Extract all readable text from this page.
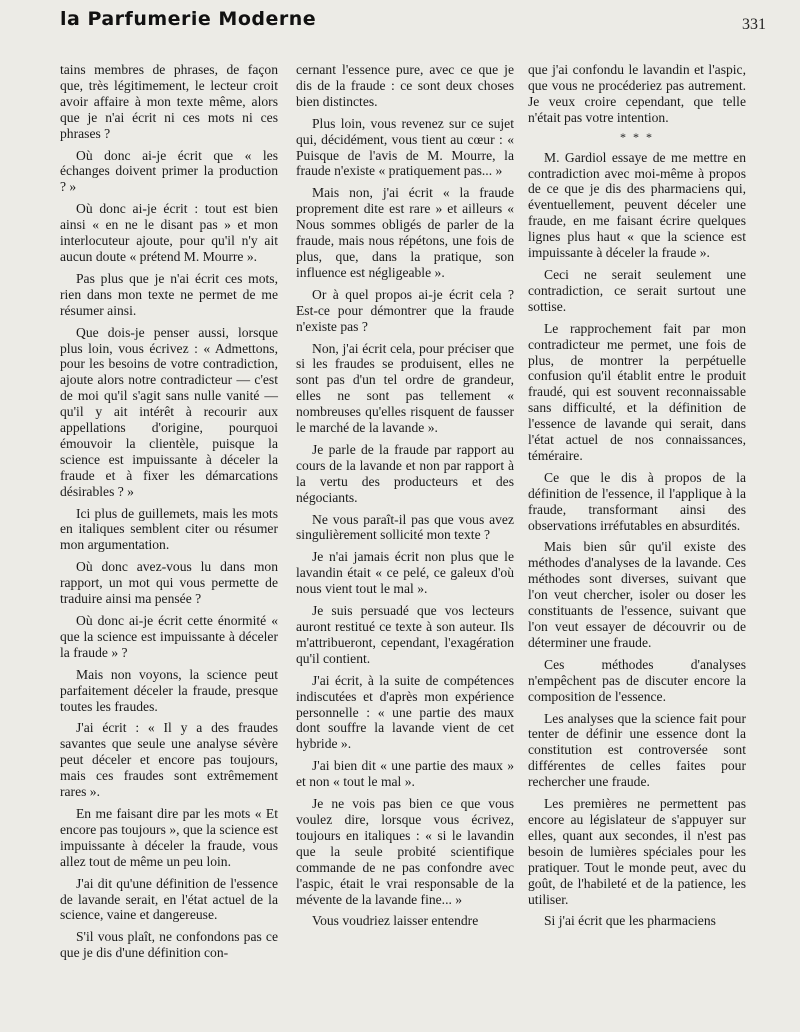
la Parfumerie Moderne	331

tains membres de phrases, de façon que, très légitimement, le lecteur croit avoir affaire à mon texte même, alors que je n'ai écrit ni ces mots ni ces phrases ?

Où donc ai-je écrit que « les échanges doivent primer la production ? »

Où donc ai-je écrit : tout est bien ainsi « en ne le disant pas » et mon interlocuteur ajoute, pour qu'il n'y ait aucun doute « prétend M. Mourre ».

Pas plus que je n'ai écrit ces mots, rien dans mon texte ne permet de me résumer ainsi.

Que dois-je penser aussi, lorsque plus loin, vous écrivez : « Admettons, pour les besoins de votre contradiction, ajoute alors notre contradicteur — c'est de moi qu'il s'agit sans nulle vanité — qu'il y ait intérêt à recourir aux appellations d'origine, pourquoi émouvoir la clientèle, puisque la science est impuissante à déceler la fraude et à fixer les démarcations désirables ? »

Ici plus de guillemets, mais les mots en italiques semblent citer ou résumer mon argumentation.

Où donc avez-vous lu dans mon rapport, un mot qui vous permette de traduire ainsi ma pensée ?

Où donc ai-je écrit cette énormité « que la science est impuissante à déceler la fraude » ?

Mais non voyons, la science peut parfaitement déceler la fraude, presque toutes les fraudes.

J'ai écrit : « Il y a des fraudes savantes que seule une analyse sévère peut déceler et encore pas toujours, mais ces fraudes sont extrêmement rares ».

En me faisant dire par les mots « Et encore pas toujours », que la science est impuissante à déceler la fraude, vous allez tout de même un peu loin.

J'ai dit qu'une définition de l'essence de lavande serait, en l'état actuel de la science, vaine et dangereuse.

S'il vous plaît, ne confondons pas ce que je dis d'une définition con-

cernant l'essence pure, avec ce que je dis de la fraude : ce sont deux choses bien distinctes.

Plus loin, vous revenez sur ce sujet qui, décidément, vous tient au cœur : « Puisque de l'avis de M. Mourre, la fraude n'existe « pratiquement pas... »

Mais non, j'ai écrit « la fraude proprement dite est rare » et ailleurs « Nous sommes obligés de parler de la fraude, mais nous répétons, une fois de plus, que, dans la pratique, son influence est négligeable ».

Or à quel propos ai-je écrit cela ? Est-ce pour démontrer que la fraude n'existe pas ?

Non, j'ai écrit cela, pour préciser que si les fraudes se produisent, elles ne sont pas d'un tel ordre de grandeur, elles ne sont pas tellement « nombreuses qu'elles risquent de fausser le marché de la lavande ».

Je parle de la fraude par rapport au cours de la lavande et non par rapport à la vertu des producteurs et des négociants.

Ne vous paraît-il pas que vous avez singulièrement sollicité mon texte ?

Je n'ai jamais écrit non plus que le lavandin était « ce pelé, ce galeux d'où nous vient tout le mal ».

Je suis persuadé que vos lecteurs auront restitué ce texte à son auteur. Ils m'attribueront, cependant, l'exagération qu'il contient.

J'ai écrit, à la suite de compétences indiscutées et d'après mon expérience personnelle : « une partie des maux dont souffre la lavande vient de cet hybride ».

J'ai bien dit « une partie des maux » et non « tout le mal ».

Je ne vois pas bien ce que vous voulez dire, lorsque vous écrivez, toujours en italiques : « si le lavandin que la seule probité scientifique commande de ne pas confondre avec l'aspic, était le vrai responsable de la mévente de la lavande fine... »

Vous voudriez laisser entendre

que j'ai confondu le lavandin et l'aspic, que vous ne procéderiez pas autrement. Je veux croire cependant, que telle n'était pas votre intention.

* * *

M. Gardiol essaye de me mettre en contradiction avec moi-même à propos de ce que je dis des pharmaciens qui, éventuellement, peuvent déceler une fraude, en me faisant écrire quelques lignes plus haut « que la science est impuissante à déceler la fraude ».

Ceci ne serait seulement une contradiction, ce serait surtout une sottise.

Le rapprochement fait par mon contradicteur me permet, une fois de plus, de montrer la perpétuelle confusion qu'il établit entre le produit fraudé, qui est souvent reconnaissable sans difficulté, et la définition de l'essence de lavande qui serait, dans l'état actuel de nos connaissances, téméraire.

Ce que le dis à propos de la définition de l'essence, il l'applique à la fraude, transformant ainsi des observations irréfutables en absurdités.

Mais bien sûr qu'il existe des méthodes d'analyses de la lavande. Ces méthodes sont diverses, suivant que l'on veut chercher, isoler ou doser les constituants de l'essence, suivant que l'on veut essayer de découvrir ou de déterminer une fraude.

Ces méthodes d'analyses n'empêchent pas de discuter encore la composition de l'essence.

Les analyses que la science fait pour tenter de définir une essence dont la constitution est controversée sont différentes de celles faites pour rechercher une fraude.

Les premières ne permettent pas encore au législateur de s'appuyer sur elles, quant aux secondes, il n'est pas besoin de lumières spéciales pour les pratiquer. Tout le monde peut, avec du goût, de l'habileté et de la patience, les utiliser.

Si j'ai écrit que les pharmaciens
